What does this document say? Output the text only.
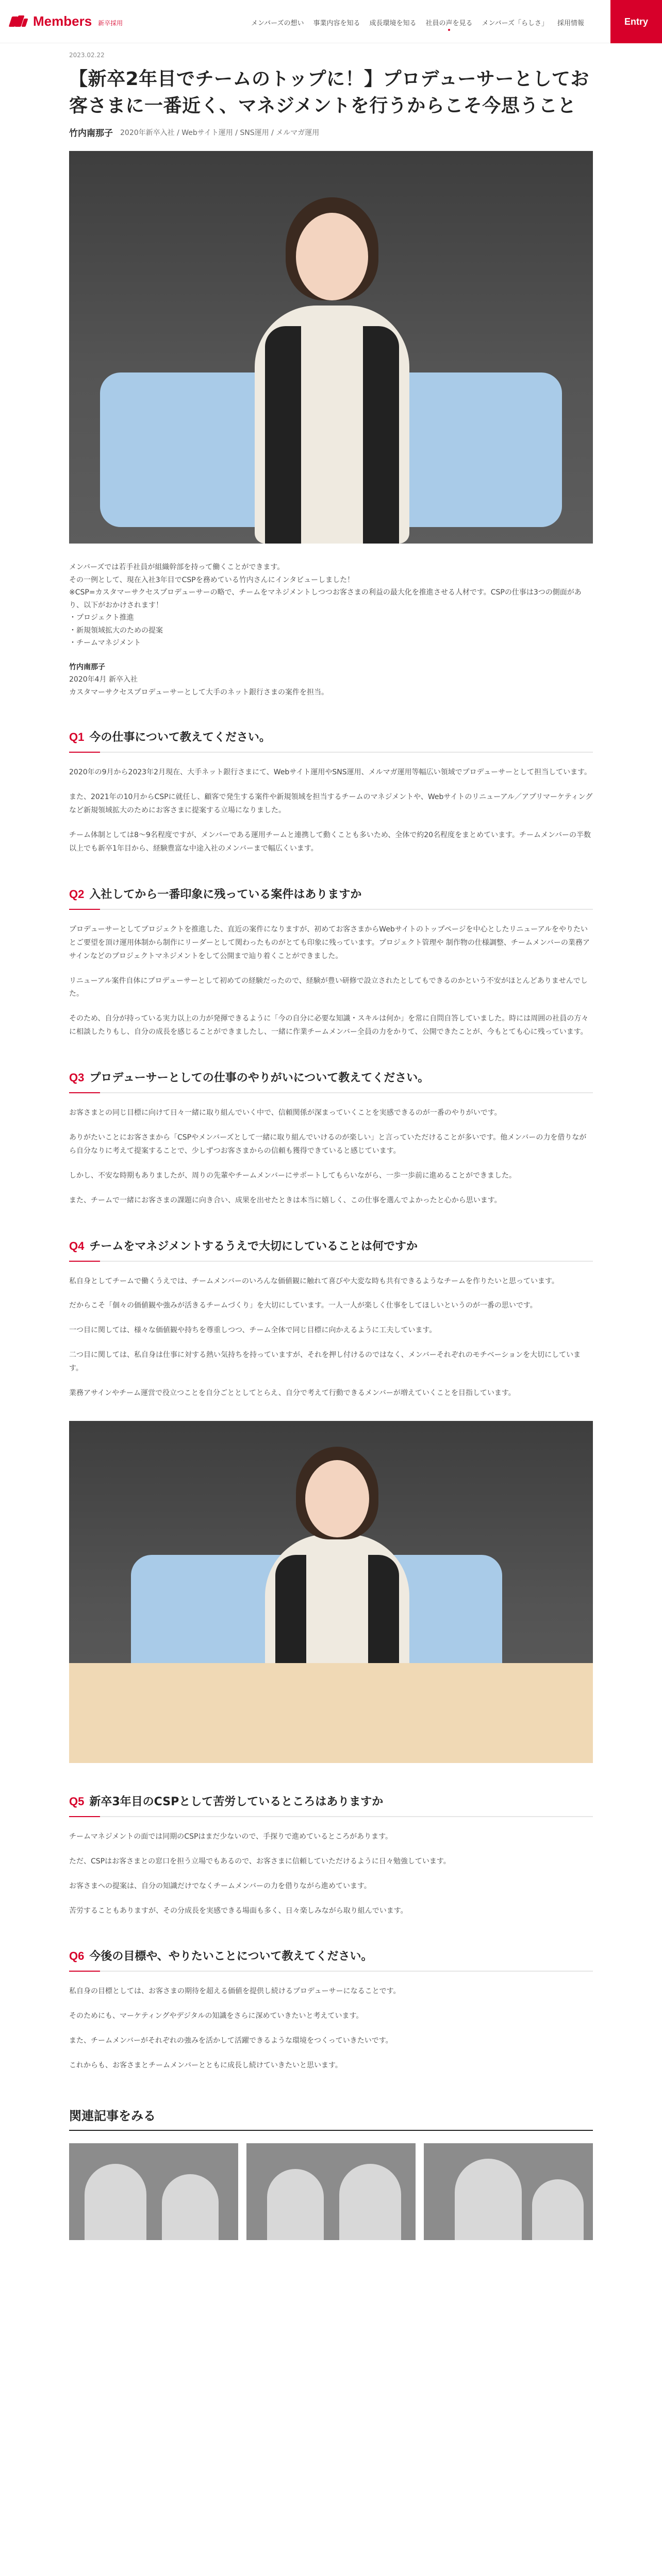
Members 新卒採用	メンバーズの想い	事業内容を知る	成長環境を知る	社員の声を見る	メンバーズ「らしさ」	採用情報	Entry
2023.02.22
【新卒2年目でチームのトップに！】プロデューサーとしてお客さまに一番近く、マネジメントを行うからこそ今思うこと
竹内南那子 2020年新卒入社 / Webサイト運用 / SNS運用 / メルマガ運用

メンバーズでは若手社員が組織幹部を持って働くことができます。

その一例として、現在入社3年目でCSPを務めている竹内さんにインタビューしました！

※CSP=カスタマーサクセスプロデューサーの略で、チームをマネジメントしつつお客さまの利益の最大化を推進させる人材です。CSPの仕事は3つの側面があり、以下がおかけされます！

・プロジェクト推進

・新規領域拡大のための提案

・チームマネジメント

竹内南那子

2020年4月 新卒入社

カスタマーサクセスプロデューサーとして大手のネット銀行さまの案件を担当。

Q1 今の仕事について教えてください。

2020年の9月から2023年2月現在、大手ネット銀行さまにて、Webサイト運用やSNS運用、メルマガ運用等幅広い領域でプロデューサーとして担当しています。

また、2021年の10月からCSPに就任し、顧客で発生する案件や新規領域を担当するチームのマネジメントや、Webサイトのリニューアル／アプリマーケティングなど新規領域拡大のためにお客さまに提案する立場になりました。

チーム体制としては8〜9名程度ですが、メンバーである運用チームと連携して動くことも多いため、全体で約20名程度をまとめています。チームメンバーの半数以上でも新卒1年目から、経験豊富な中途入社のメンバーまで幅広くいます。

Q2 入社してから一番印象に残っている案件はありますか

プロデューサーとしてプロジェクトを推進した、直近の案件になりますが、初めてお客さまからWebサイトのトップページを中心としたリニューアルをやりたいとご要望を頂け運用体制から制作にリーダーとして関わったものがとても印象に残っています。プロジェクト管理や 制作物の仕様調整、チームメンバーの業務アサインなどのプロジェクトマネジメントをして公開まで辿り着くことができました。

リニューアル案件自体にプロデューサーとして初めての経験だったので、経験が豊い研修で設立されたとしてもできるのかという不安がほとんどありませんでした。

そのため、自分が持っている実力以上の力が発揮できるように「今の自分に必要な知識・スキルは何か」を常に自問自答していました。時には周囲の社員の方々に相談したりもし、自分の成長を感じることができましたし、一緒に作業チームメンバー全員の力をかりて、公開できたことが、今もとても心に残っています。

Q3 プロデューサーとしての仕事のやりがいについて教えてください。

お客さまとの同じ目標に向けて日々一緒に取り組んでいく中で、信頼関係が深まっていくことを実感できるのが一番のやりがいです。

ありがたいことにお客さまから「CSPやメンバーズとして一緒に取り組んでいけるのが楽しい」と言っていただけることが多いです。他メンバーの力を借りながら自分なりに考えて提案することで、少しずつお客さまからの信頼も獲得できていると感じています。

しかし、不安な時期もありましたが、周りの先輩やチームメンバーにサポートしてもらいながら、一歩一歩前に進めることができました。

また、チームで一緒にお客さまの課題に向き合い、成果を出せたときは本当に嬉しく、この仕事を選んでよかったと心から思います。

Q4 チームをマネジメントするうえで大切にしていることは何ですか

私自身としてチームで働くうえでは、チームメンバーのいろんな価値観に触れて喜びや大変な時も共有できるようなチームを作りたいと思っています。

だからこそ「個々の価値観や強みが活きるチームづくり」を大切にしています。一人一人が楽しく仕事をしてほしいというのが一番の思いです。

一つ目に関しては、様々な価値観や持ちを尊重しつつ、チーム全体で同じ目標に向かえるように工夫しています。

二つ目に関しては、私自身は仕事に対する熱い気持ちを持っていますが、それを押し付けるのではなく、メンバーそれぞれのモチベーションを大切にしています。

業務アサインやチーム運営で役立つことを自分ごととしてとらえ、自分で考えて行動できるメンバーが増えていくことを目指しています。

Q5 新卒3年目のCSPとして苦労しているところはありますか

チームマネジメントの面では同期のCSPはまだ少ないので、手探りで進めているところがあります。

ただ、CSPはお客さまとの窓口を担う立場でもあるので、お客さまに信頼していただけるように日々勉強しています。

お客さまへの提案は、自分の知識だけでなくチームメンバーの力を借りながら進めています。

苦労することもありますが、その分成長を実感できる場面も多く、日々楽しみながら取り組んでいます。

Q6 今後の目標や、やりたいことについて教えてください。

私自身の目標としては、お客さまの期待を超える価値を提供し続けるプロデューサーになることです。

そのためにも、マーケティングやデジタルの知識をさらに深めていきたいと考えています。

また、チームメンバーがそれぞれの強みを活かして活躍できるような環境をつくっていきたいです。

これからも、お客さまとチームメンバーとともに成長し続けていきたいと思います。

関連記事をみる
